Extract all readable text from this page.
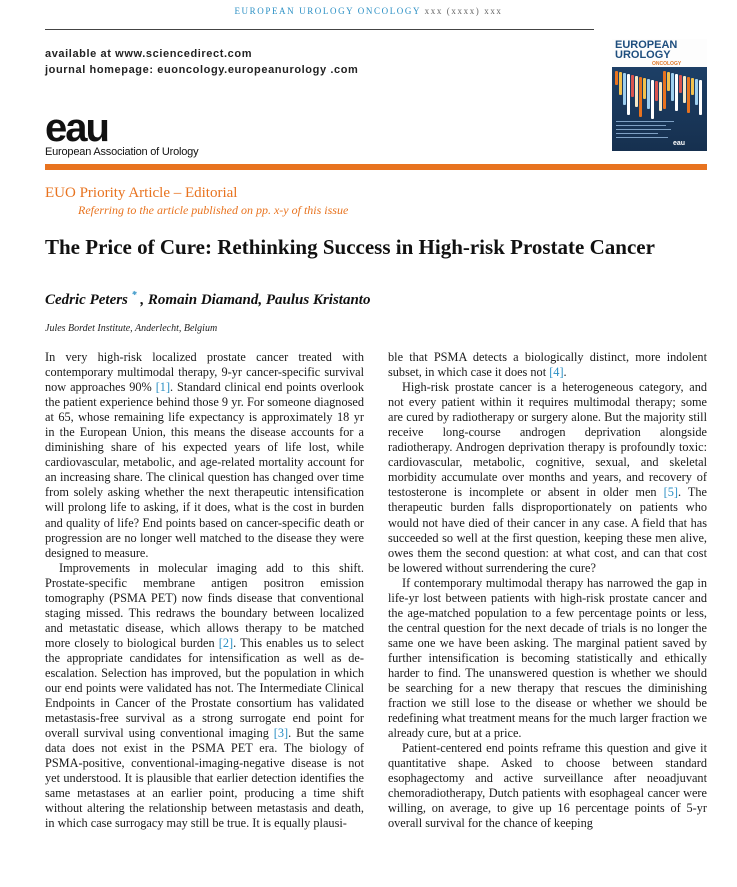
EUROPEAN UROLOGY ONCOLOGY xxx (xxxx) xxx
available at www.sciencedirect.com
journal homepage: euoncology.europeanurology .com
eau
European Association of Urology
EUROPEAN
UROLOGY
ONCOLOGY
eau
EUO Priority Article – Editorial
Referring to the article published on pp. x-y of this issue
The Price of Cure: Rethinking Success in High-risk Prostate Cancer
Cedric Peters * , Romain Diamand, Paulus Kristanto
Jules Bordet Institute, Anderlecht, Belgium

In very high-risk localized prostate cancer treated with contemporary multimodal therapy, 9-yr cancer-specific survival now approaches 90% [1]. Standard clinical end points overlook the patient experience behind those 9 yr. For someone diagnosed at 65, whose remaining life expectancy is approximately 18 yr in the European Union, this means the disease accounts for a diminishing share of his expected years of life lost, while cardiovascular, metabolic, and age-related mortality account for an increasing share. The clinical question has changed over time from solely asking whether the next therapeutic intensification will prolong life to asking, if it does, what is the cost in burden and quality of life? End points based on cancer-specific death or progression are no longer well matched to the disease they were designed to measure.

Improvements in molecular imaging add to this shift. Prostate-specific membrane antigen positron emission tomography (PSMA PET) now finds disease that conventional staging missed. This redraws the boundary between localized and metastatic disease, which allows therapy to be matched more closely to biological burden [2]. This enables us to select the appropriate candidates for intensification as well as de-escalation. Selection has improved, but the population in which our end points were validated has not. The Intermediate Clinical Endpoints in Cancer of the Prostate consortium has validated metastasis-free survival as a strong surrogate end point for overall survival using conventional imaging [3]. But the same data does not exist in the PSMA PET era. The biology of PSMA-positive, conventional-imaging-negative disease is not yet understood. It is plausible that earlier detection identifies the same metastases at an earlier point, producing a time shift without altering the relationship between metastasis and death, in which case surrogacy may still be true. It is equally plausi-

ble that PSMA detects a biologically distinct, more indolent subset, in which case it does not [4].

High-risk prostate cancer is a heterogeneous category, and not every patient within it requires multimodal therapy; some are cured by radiotherapy or surgery alone. But the majority still receive long-course androgen deprivation alongside radiotherapy. Androgen deprivation therapy is profoundly toxic: cardiovascular, metabolic, cognitive, sexual, and skeletal morbidity accumulate over months and years, and recovery of testosterone is incomplete or absent in older men [5]. The therapeutic burden falls disproportionately on patients who would not have died of their cancer in any case. A field that has succeeded so well at the first question, keeping these men alive, owes them the second question: at what cost, and can that cost be lowered without surrendering the cure?

If contemporary multimodal therapy has narrowed the gap in life-yr lost between patients with high-risk prostate cancer and the age-matched population to a few percentage points or less, the central question for the next decade of trials is no longer the same one we have been asking. The marginal patient saved by further intensification is becoming statistically and ethically harder to find. The unanswered question is whether we should be searching for a new therapy that rescues the diminishing fraction we still lose to the disease or whether we should be redefining what treatment means for the much larger fraction we already cure, but at a price.

Patient-centered end points reframe this question and give it quantitative shape. Asked to choose between standard esophagectomy and active surveillance after neoadjuvant chemoradiotherapy, Dutch patients with esophageal cancer were willing, on average, to give up 16 percentage points of 5-yr overall survival for the chance of keeping
